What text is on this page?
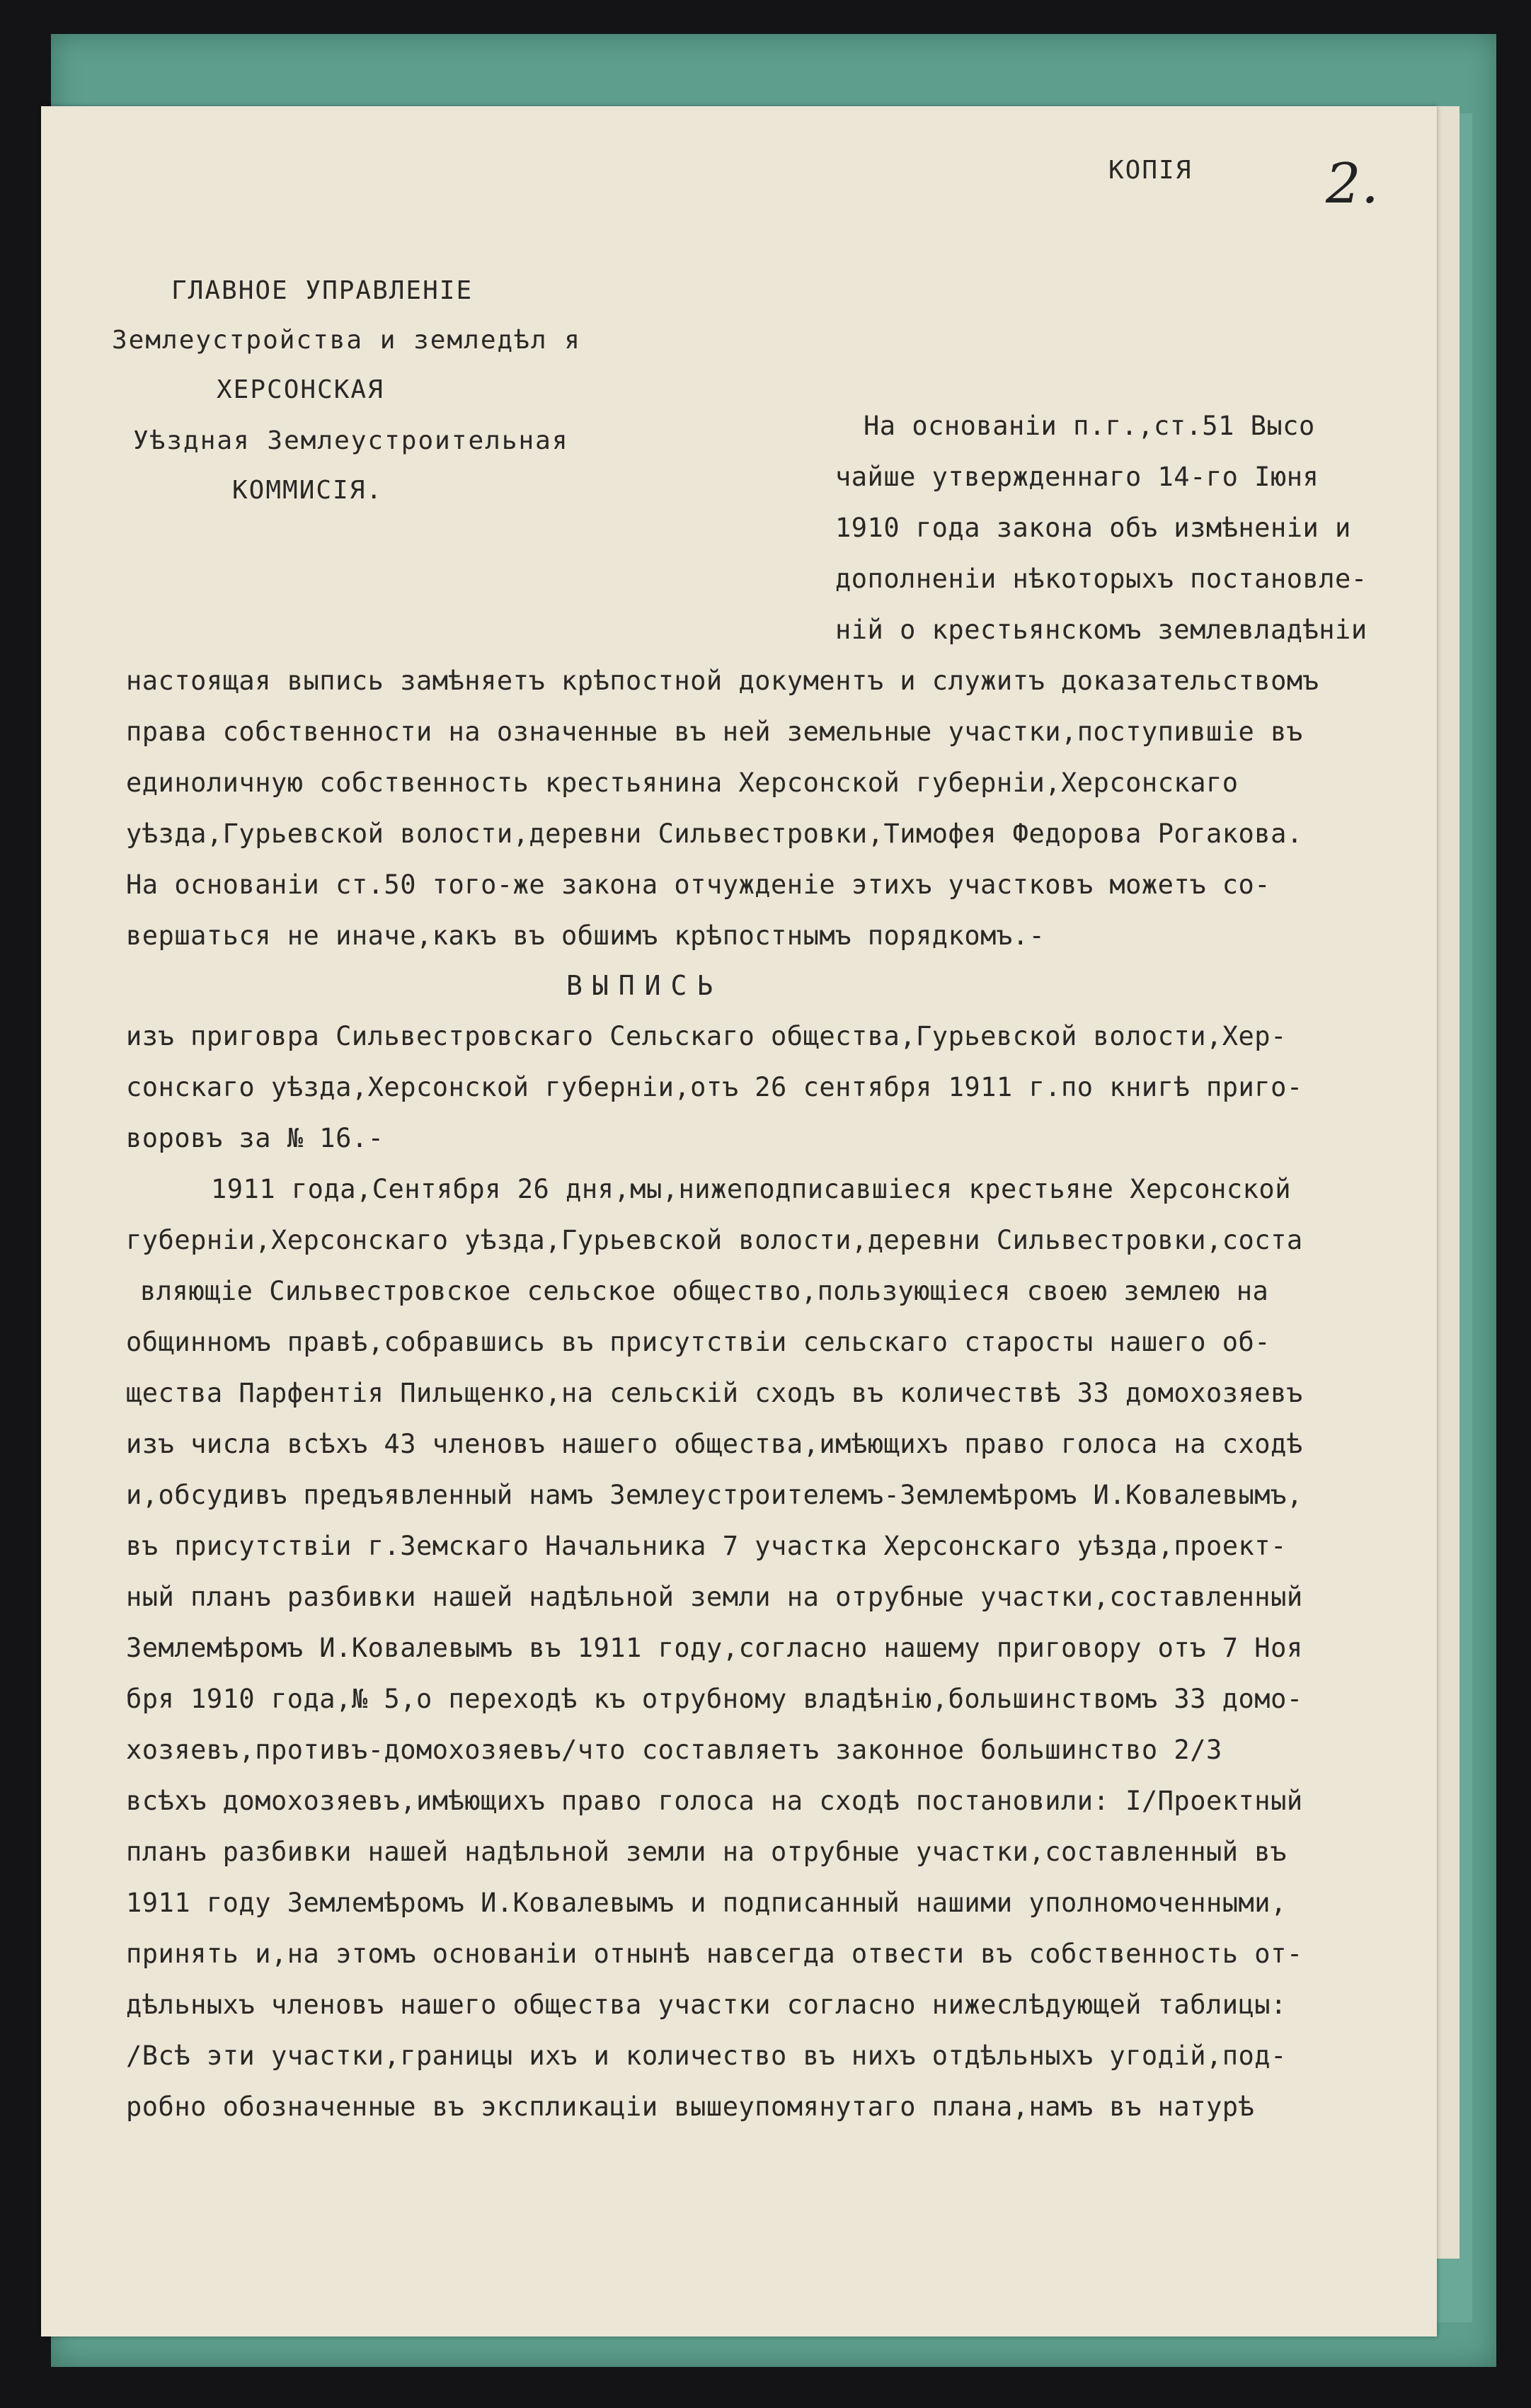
КОПІЯ 2.
ГЛАВНОЕ УПРАВЛЕНІЕ
Землеустройства и земледѣл я
ХЕРСОНСКАЯ
Уѣздная Землеустроительная
КОММИСІЯ.
На основаніи п.г.,ст.51 Высо
чайше утвержденнаго 14-го Іюня
1910 года закона объ измѣненіи и
дополненіи нѣкоторыхъ постановле-
ній о крестьянскомъ землевладѣніи
настоящая выпись замѣняетъ крѣпостной документъ и служитъ доказательствомъ
права собственности на означенные въ ней земельные участки,поступившіе въ
единоличную собственность крестьянина Херсонской губерніи,Херсонскаго
уѣзда,Гурьевской волости,деревни Сильвестровки,Тимофея Федорова Рогакова.
На основаніи ст.50 того-же закона отчужденіе этихъ участковъ можетъ со-
вершаться не иначе,какъ въ обшимъ крѣпостнымъ порядкомъ.-
ВЫПИСЬ
изъ приговра Сильвестровскаго Сельскаго общества,Гурьевской волости,Хер-
сонскаго уѣзда,Херсонской губерніи,отъ 26 сентября 1911 г.по книгѣ приго-
воровъ за № 16.-
1911 года,Сентября 26 дня,мы,нижеподписавшіеся крестьяне Херсонской
губерніи,Херсонскаго уѣзда,Гурьевской волости,деревни Сильвестровки,соста
вляющіе Сильвестровское сельское общество,пользующіеся своею землею на
общинномъ правѣ,собравшись въ присутствіи сельскаго старосты нашего об-
щества Парфентія Пильщенко,на сельскій сходъ въ количествѣ 33 домохозяевъ
изъ числа всѣхъ 43 членовъ нашего общества,имѣющихъ право голоса на сходѣ
и,обсудивъ предъявленный намъ Землеустроителемъ-Землемѣромъ И.Ковалевымъ,
въ присутствіи г.Земскаго Начальника 7 участка Херсонскаго уѣзда,проект-
ный планъ разбивки нашей надѣльной земли на отрубные участки,составленный
Землемѣромъ И.Ковалевымъ въ 1911 году,согласно нашему приговору отъ 7 Ноя
бря 1910 года,№ 5,о переходѣ къ отрубному владѣнію,большинствомъ 33 домо-
хозяевъ,противъ-домохозяевъ/что составляетъ законное большинство 2/3
всѣхъ домохозяевъ,имѣющихъ право голоса на сходѣ постановили: І/Проектный
планъ разбивки нашей надѣльной земли на отрубные участки,составленный въ
1911 году Землемѣромъ И.Ковалевымъ и подписанный нашими уполномоченными,
принять и,на этомъ основаніи отнынѣ навсегда отвести въ собственность от-
дѣльныхъ членовъ нашего общества участки согласно нижеслѣдующей таблицы:
/Всѣ эти участки,границы ихъ и количество въ нихъ отдѣльныхъ угодій,под-
робно обозначенные въ экспликаціи вышеупомянутаго плана,намъ въ натурѣ
